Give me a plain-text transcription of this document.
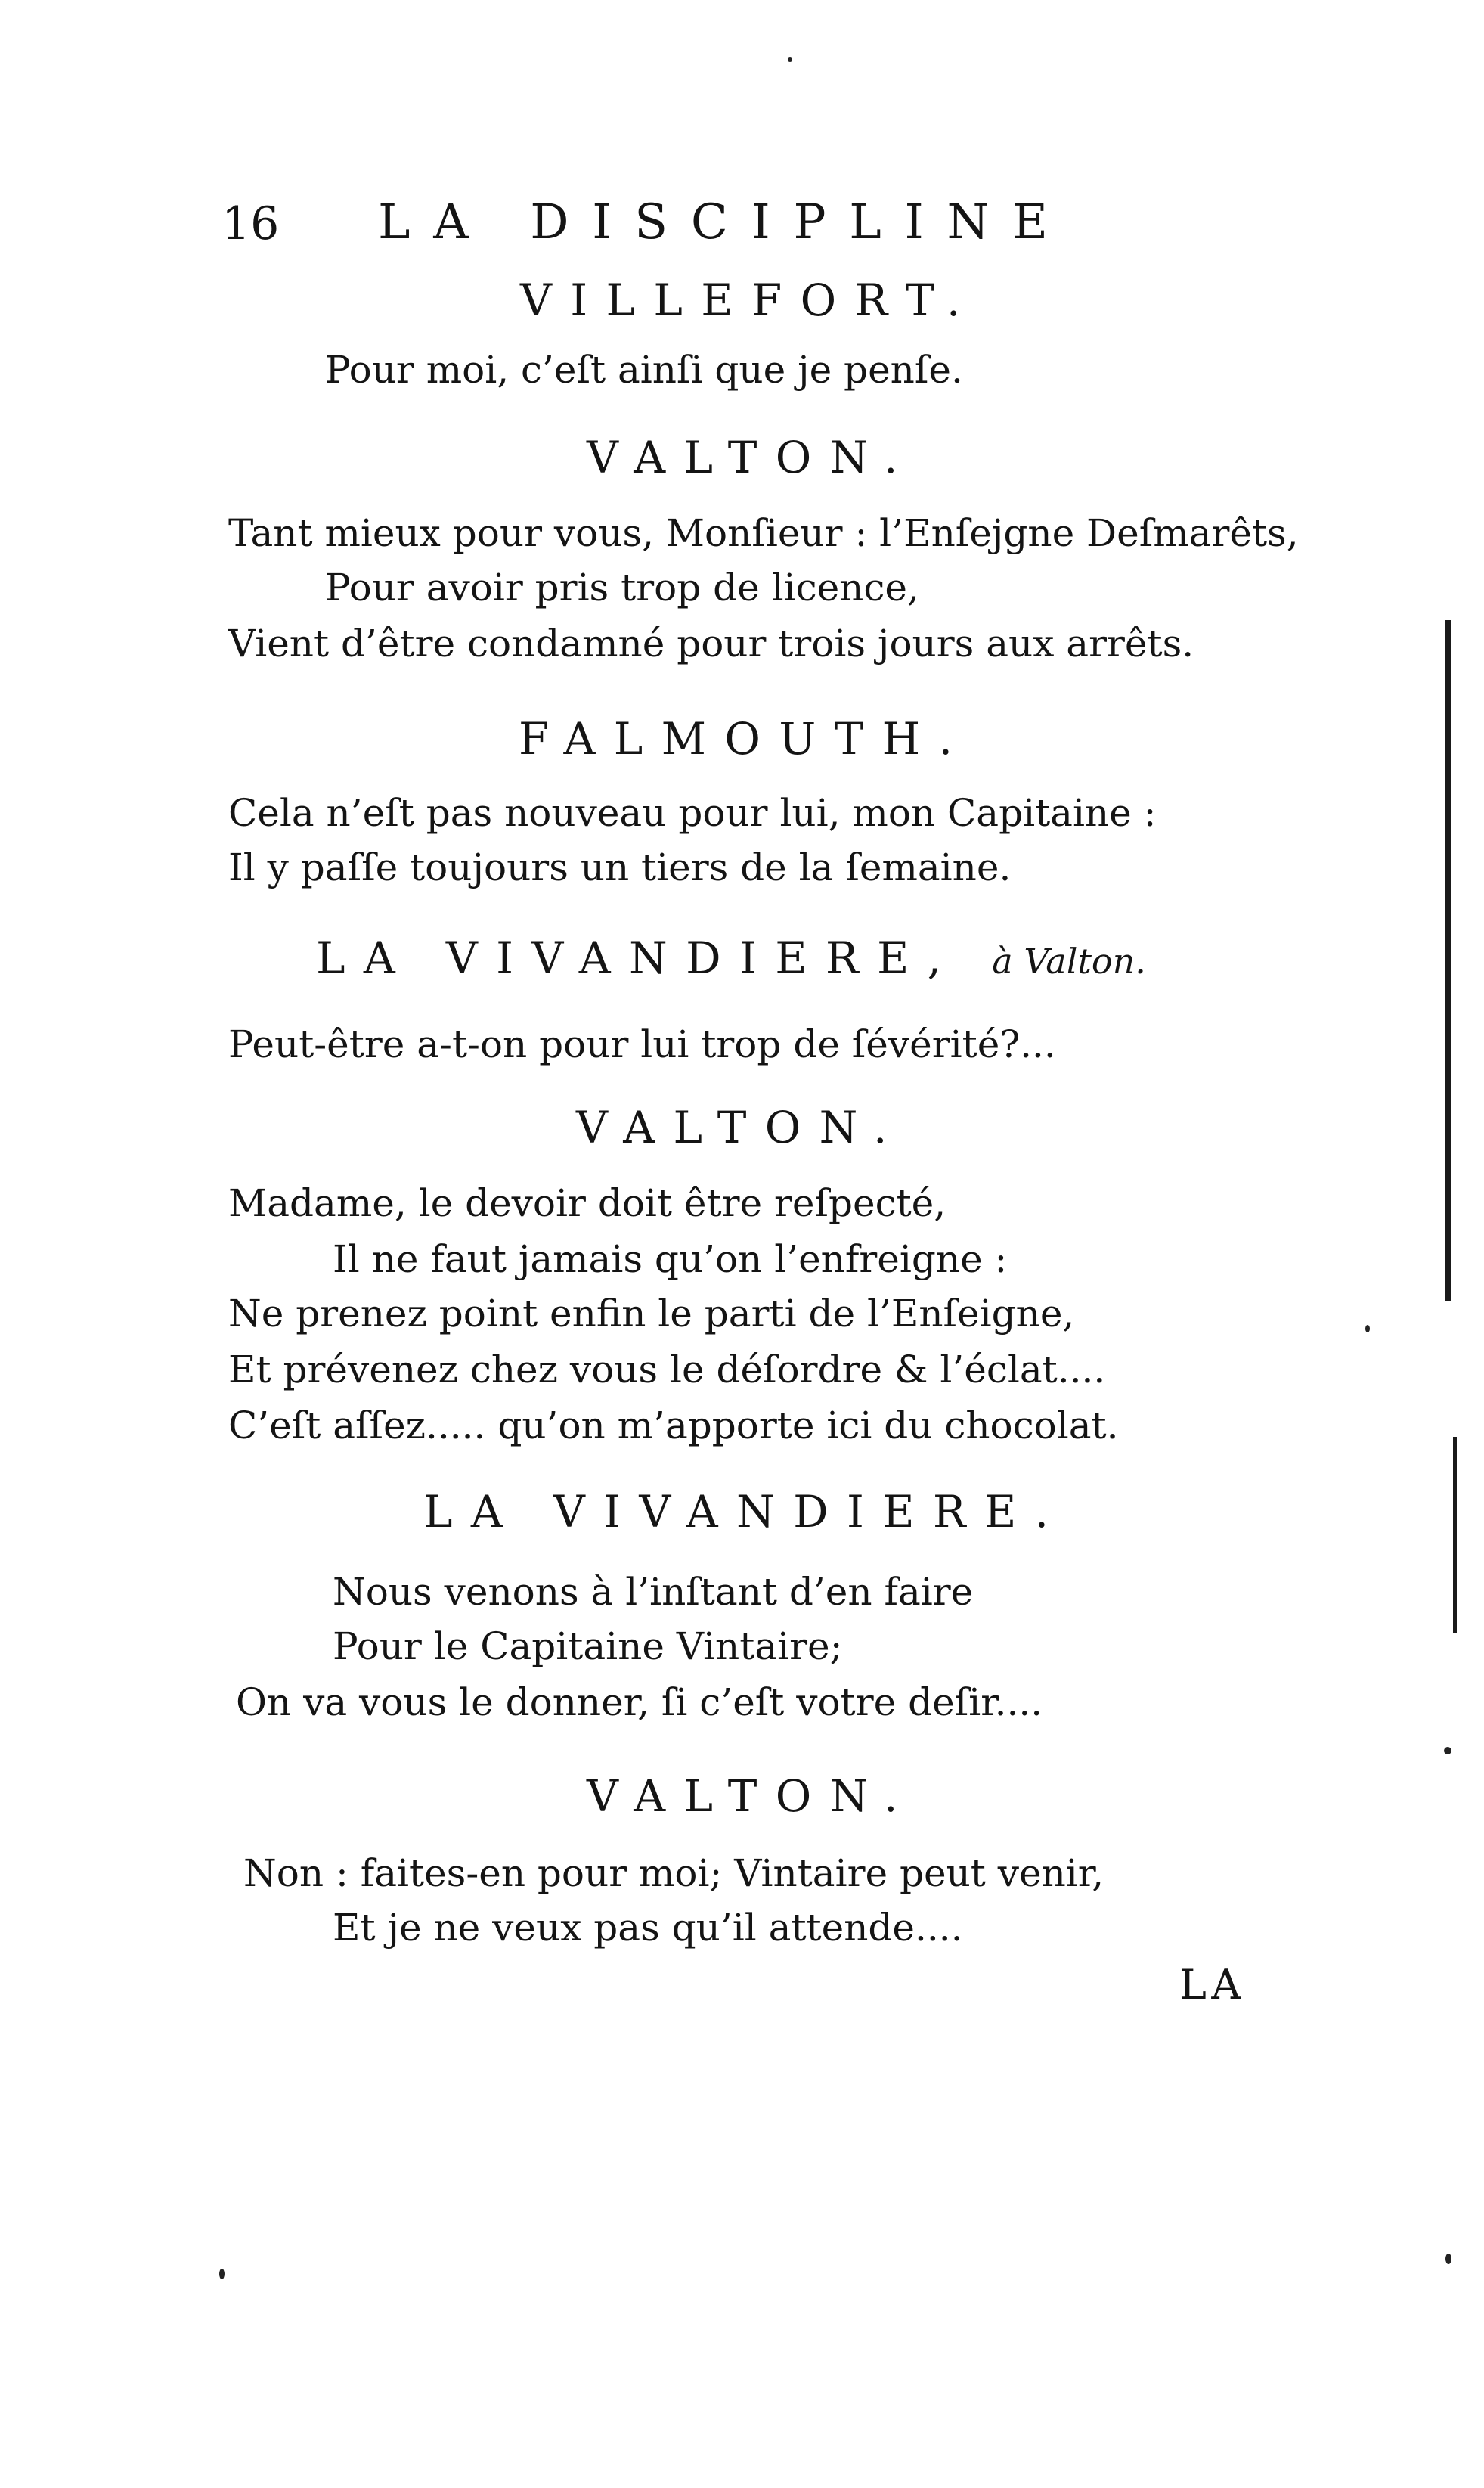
16 LA DISCIPLINE
VILLEFORT.
Pour moi, c’eſt ainſi que je penſe.
VALTON.
Tant mieux pour vous, Monſieur : l’Enſejgne Deſmarêts,
Pour avoir pris trop de licence,
Vient d’être condamné pour trois jours aux arrêts.
FALMOUTH.
Cela n’eſt pas nouveau pour lui, mon Capitaine :
Il y paſſe toujours un tiers de la ſemaine.
LA VIVANDIERE, à Valton.
Peut-être a-t-on pour lui trop de ſévérité?...
VALTON.
Madame, le devoir doit être reſpecté,
Il ne faut jamais qu’on l’enfreigne :
Ne prenez point enfin le parti de l’Enſeigne,
Et prévenez chez vous le déſordre & l’éclat....
C’eſt aſſez..... qu’on m’apporte ici du chocolat.
LA VIVANDIERE.
Nous venons à l’inſtant d’en faire
Pour le Capitaine Vintaire;
On va vous le donner, ſi c’eſt votre deſir....
VALTON.
Non : faites-en pour moi; Vintaire peut venir,
Et je ne veux pas qu’il attende....
LA
